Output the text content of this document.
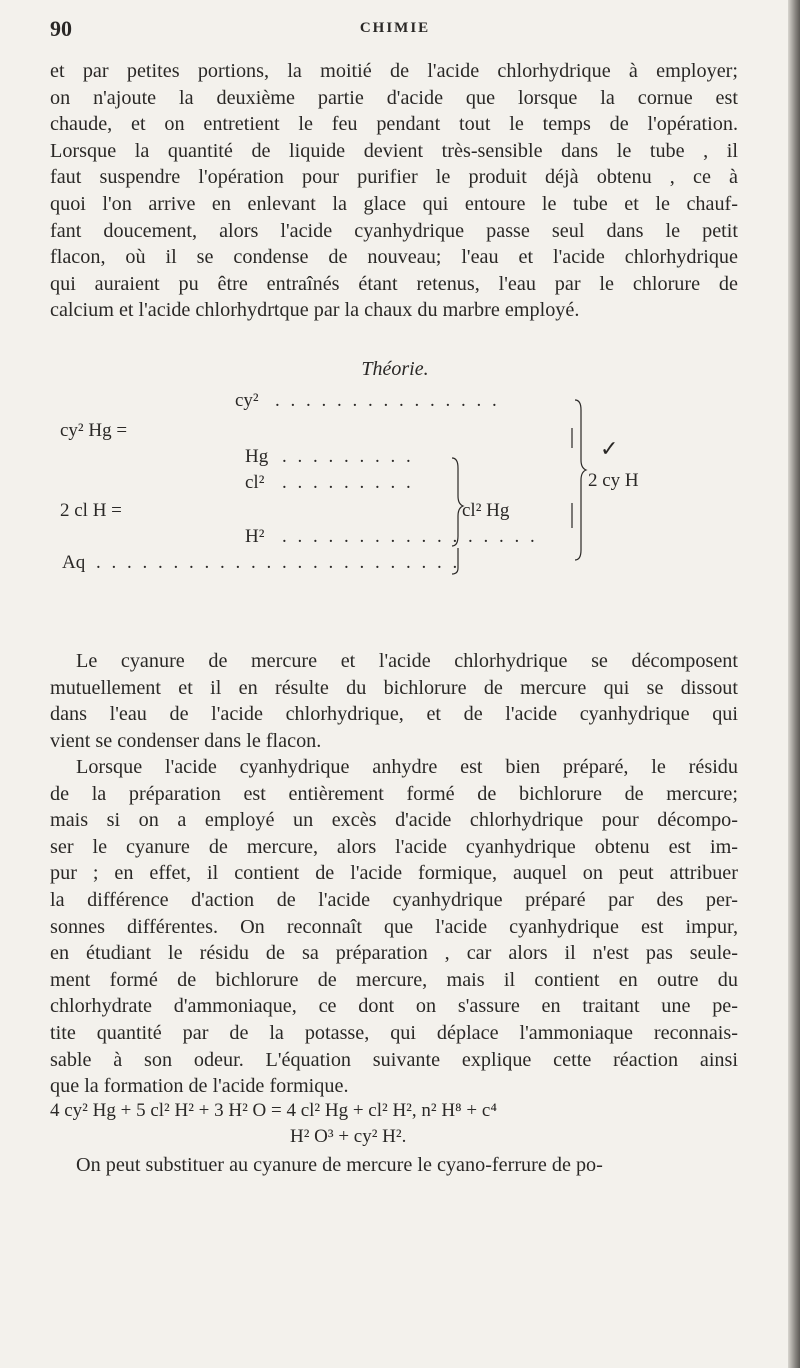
90	CHIMIE

et par petites portions, la moitié de l'acide chlorhydrique à employer;
on n'ajoute la deuxième partie d'acide que lorsque la cornue est
chaude, et on entretient le feu pendant tout le temps de l'opération.
Lorsque la quantité de liquide devient très-sensible dans le tube , il
faut suspendre l'opération pour purifier le produit déjà obtenu , ce à
quoi l'on arrive en enlevant la glace qui entoure le tube et le chauf-
fant doucement, alors l'acide cyanhydrique passe seul dans le petit
flacon, où il se condense de nouveau; l'eau et l'acide chlorhydrique
qui auraient pu être entraînés étant retenus, l'eau par le chlorure de
calcium et l'acide chlorhydrtque par la chaux du marbre employé.

Théorie.
cy² . . . . . . . . . . . . . . .
cy² Hg =
Hg . . . . . . . . .
cl² . . . . . . . . .
2 cl H =	cl² Hg
H² . . . . . . . . . . . . . . . . .
Aq . . . . . . . . . . . . . . . . . . . . . . . .
✓
2 cy H

Le cyanure de mercure et l'acide chlorhydrique se décomposent
mutuellement et il en résulte du bichlorure de mercure qui se dissout
dans l'eau de l'acide chlorhydrique, et de l'acide cyanhydrique qui
vient se condenser dans le flacon.

Lorsque l'acide cyanhydrique anhydre est bien préparé, le résidu
de la préparation est entièrement formé de bichlorure de mercure;
mais si on a employé un excès d'acide chlorhydrique pour décompo-
ser le cyanure de mercure, alors l'acide cyanhydrique obtenu est im-
pur ; en effet, il contient de l'acide formique, auquel on peut attribuer
la différence d'action de l'acide cyanhydrique préparé par des per-
sonnes différentes. On reconnaît que l'acide cyanhydrique est impur,
en étudiant le résidu de sa préparation , car alors il n'est pas seule-
ment formé de bichlorure de mercure, mais il contient en outre du
chlorhydrate d'ammoniaque, ce dont on s'assure en traitant une pe-
tite quantité par de la potasse, qui déplace l'ammoniaque reconnais-
sable à son odeur. L'équation suivante explique cette réaction ainsi
que la formation de l'acide formique.

4 cy² Hg + 5 cl² H² + 3 H² O = 4 cl² Hg + cl² H², n² H⁸ + c⁴
H² O³ + cy² H².

On peut substituer au cyanure de mercure le cyano-ferrure de po-
